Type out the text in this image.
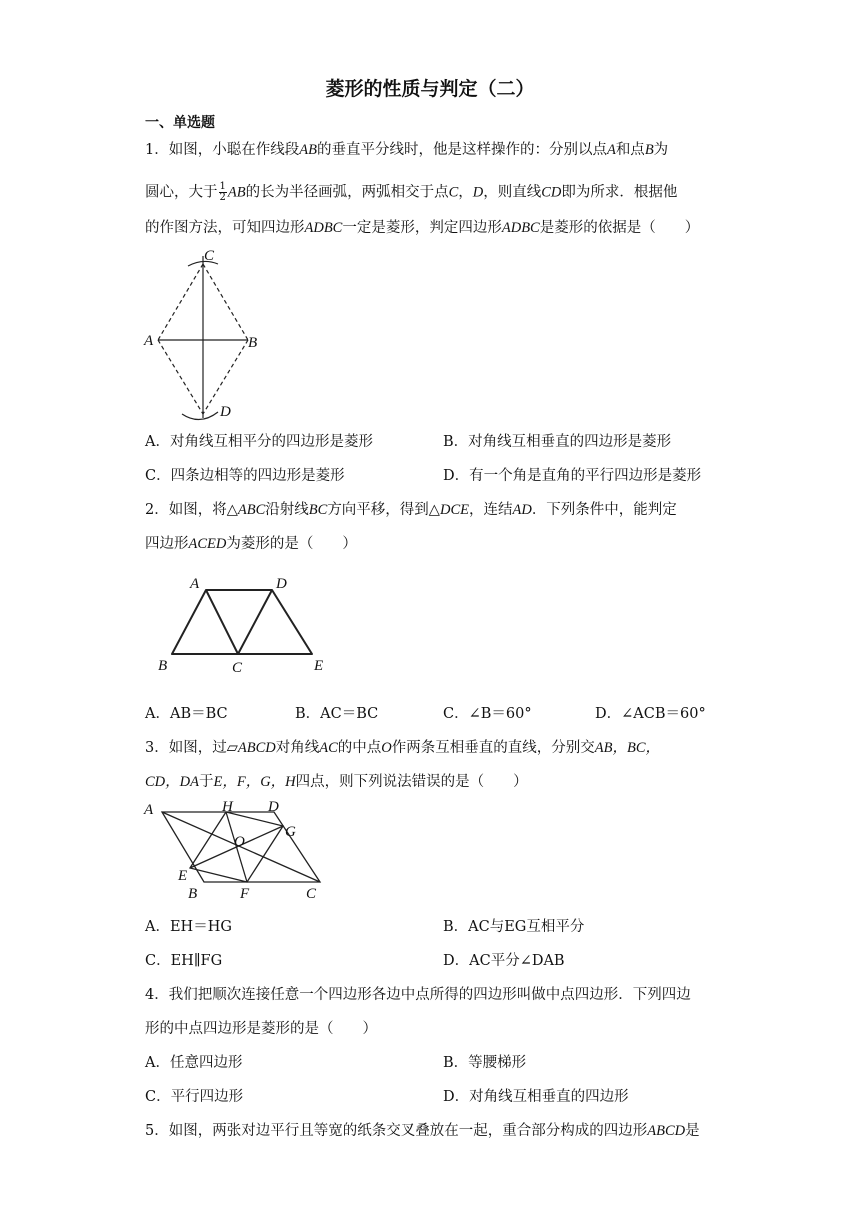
菱形的性质与判定（二）
一、单选题
1．如图，小聪在作线段AB的垂直平分线时，他是这样操作的：分别以点A和点B为
圆心，大于 $\frac{1}{2}$ AB的长为半径画弧，两弧相交于点C，D，则直线CD即为所求．根据他
的作图方法，可知四边形ADBC一定是菱形，判定四边形ADBC是菱形的依据是（　　）
C
A	B
D
A．对角线互相平分的四边形是菱形	B．对角线互相垂直的四边形是菱形
C．四条边相等的四边形是菱形	D．有一个角是直角的平行四边形是菱形
2．如图，将△ABC沿射线BC方向平移，得到△DCE，连结AD．下列条件中，能判定
四边形ACED为菱形的是（　　）
A	D
B	C	E
A．AB＝BC	B．AC＝BC	C．∠B＝60°	D．∠ACB＝60°
3．如图，过▱ABCD对角线AC的中点O作两条互相垂直的直线，分别交AB，BC，
CD，DA于E，F，G，H四点，则下列说法错误的是（　　）
A	H D
G
O
E
B	F	C
A．EH＝HG	B．AC与EG互相平分
C．EH∥FG	D．AC平分∠DAB
4．我们把顺次连接任意一个四边形各边中点所得的四边形叫做中点四边形．下列四边
形的中点四边形是菱形的是（　　）
A．任意四边形	B．等腰梯形
C．平行四边形	D．对角线互相垂直的四边形
5．如图，两张对边平行且等宽的纸条交叉叠放在一起，重合部分构成的四边形ABCD是
